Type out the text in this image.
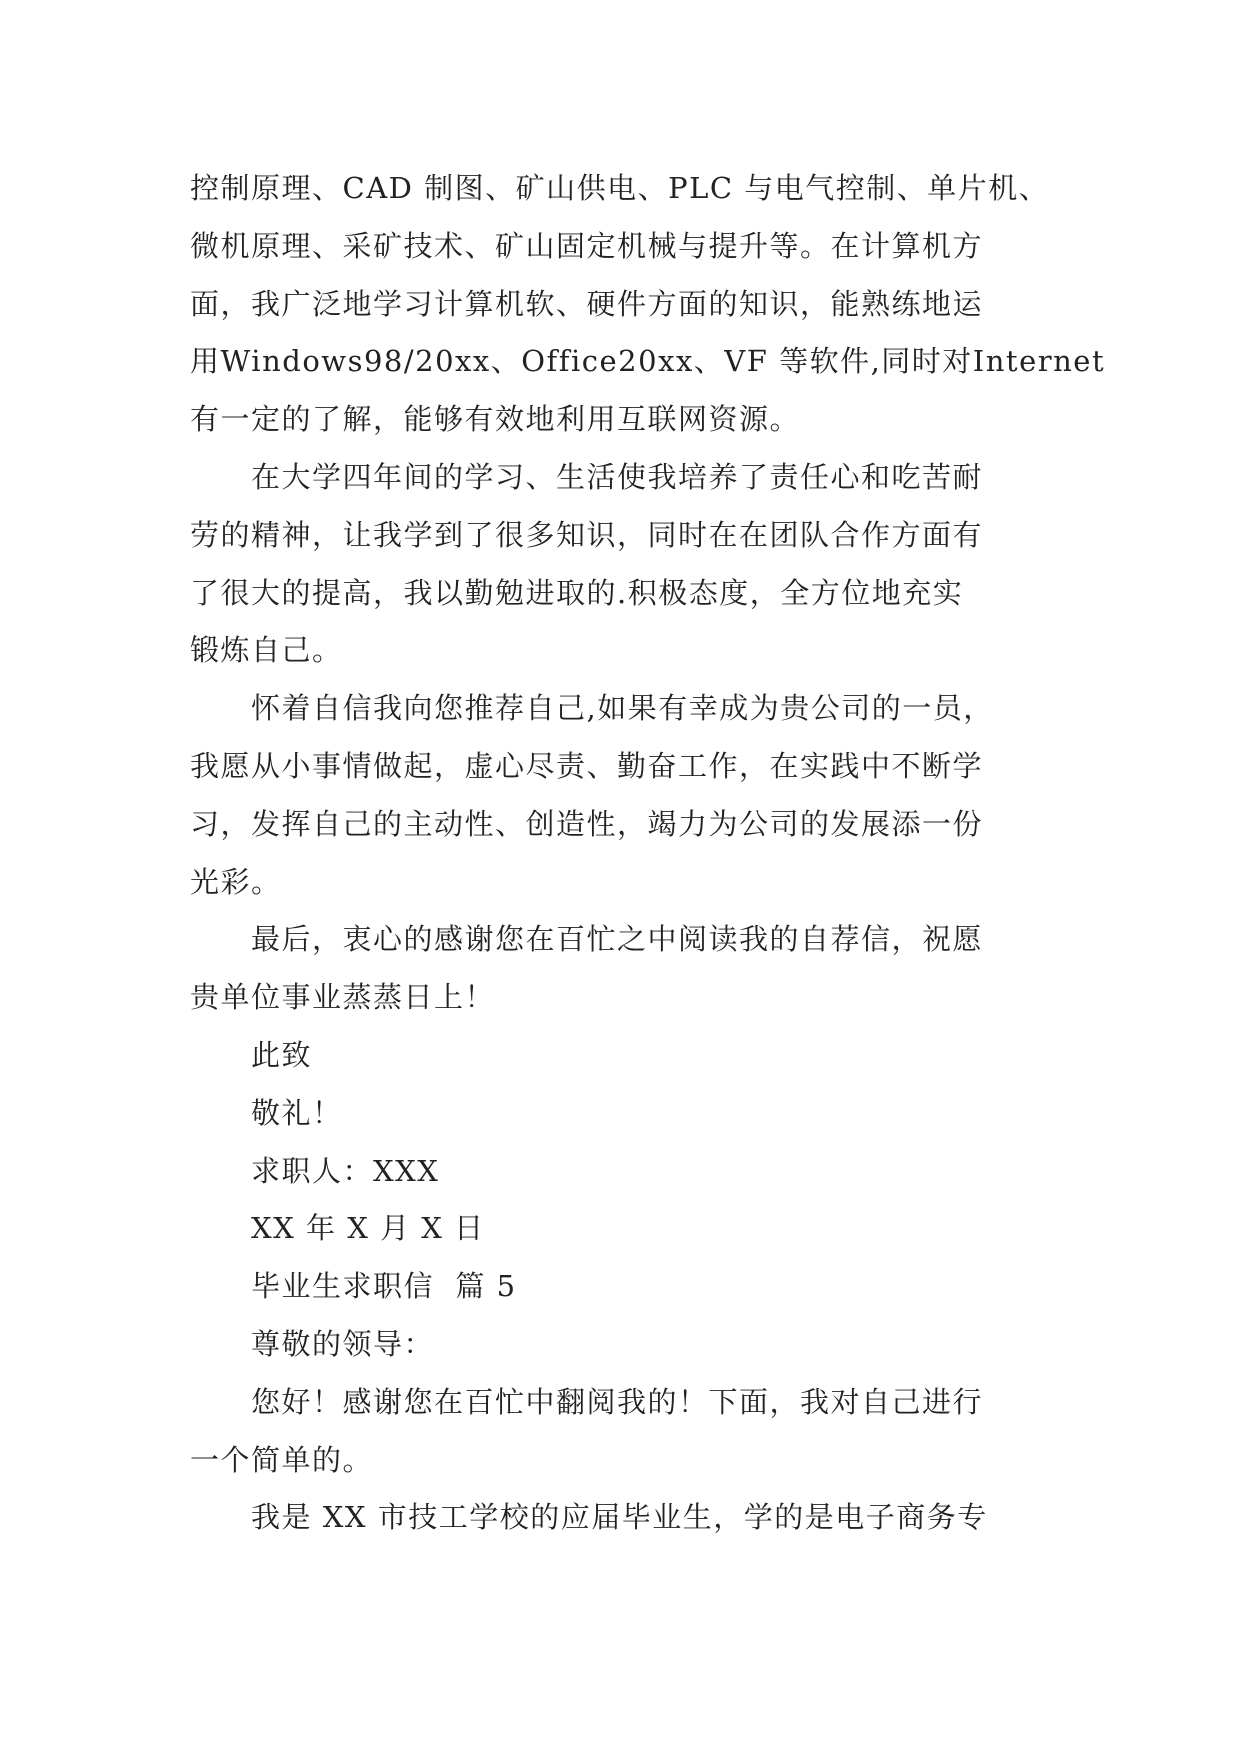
控制原理、CAD 制图、矿山供电、PLC 与电气控制、单片机、
微机原理、采矿技术、矿山固定机械与提升等。在计算机方
面，我广泛地学习计算机软、硬件方面的知识，能熟练地运
用Windows98/20xx、Office20xx、VF 等软件,同时对Internet
有一定的了解，能够有效地利用互联网资源。

在大学四年间的学习、生活使我培养了责任心和吃苦耐
劳的精神，让我学到了很多知识，同时在在团队合作方面有
了很大的提高，我以勤勉进取的.积极态度，全方位地充实
锻炼自己。

怀着自信我向您推荐自己,如果有幸成为贵公司的一员，
我愿从小事情做起，虚心尽责、勤奋工作，在实践中不断学
习，发挥自己的主动性、创造性，竭力为公司的发展添一份
光彩。

最后，衷心的感谢您在百忙之中阅读我的自荐信，祝愿
贵单位事业蒸蒸日上！

此致

敬礼！

求职人：XXX

XX 年 X 月 X 日

毕业生求职信  篇 5

尊敬的领导：

您好！感谢您在百忙中翻阅我的！下面，我对自己进行
一个简单的。

我是 XX 市技工学校的应届毕业生，学的是电子商务专
